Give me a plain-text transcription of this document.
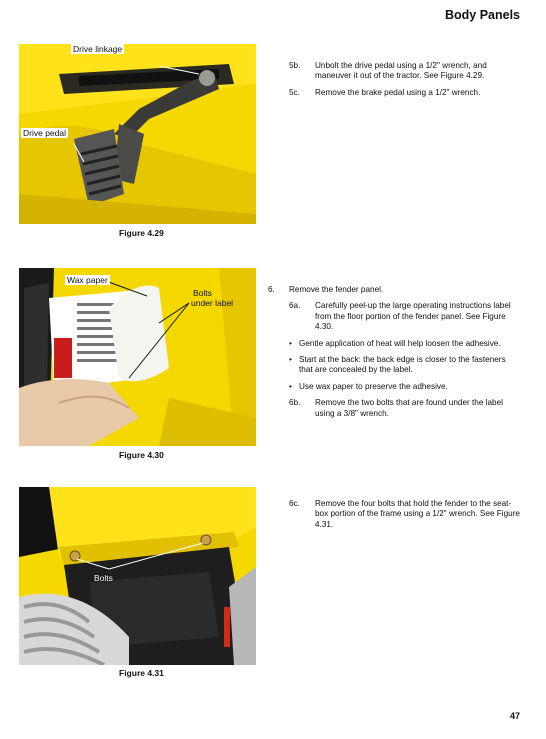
Body Panels
Drive linkage
Drive pedal
Figure 4.29
5b.	Unbolt the drive pedal using a 1/2" wrench, and maneuver it out of the tractor. See Figure 4.29.
5c.	Remove the brake pedal using a 1/2" wrench.
Wax paper
Bolts
under label
Figure 4.30
6.	Remove the fender panel.
6a.	Carefully peel-up the large operating instructions label from the floor portion of the fender panel. See Figure 4.30.
• Gentle application of heat will help loosen the adhesive.
• Start at the back: the back edge is closer to the fasteners that are concealed by the label.
• Use wax paper to preserve the adhesive.
6b.	Remove the two bolts that are found under the label using a 3/8" wrench.
Bolts
Figure 4.31
6c.	Remove the four bolts that hold the fender to the seat-box portion of the frame using a 1/2" wrench. See Figure 4.31.
47
